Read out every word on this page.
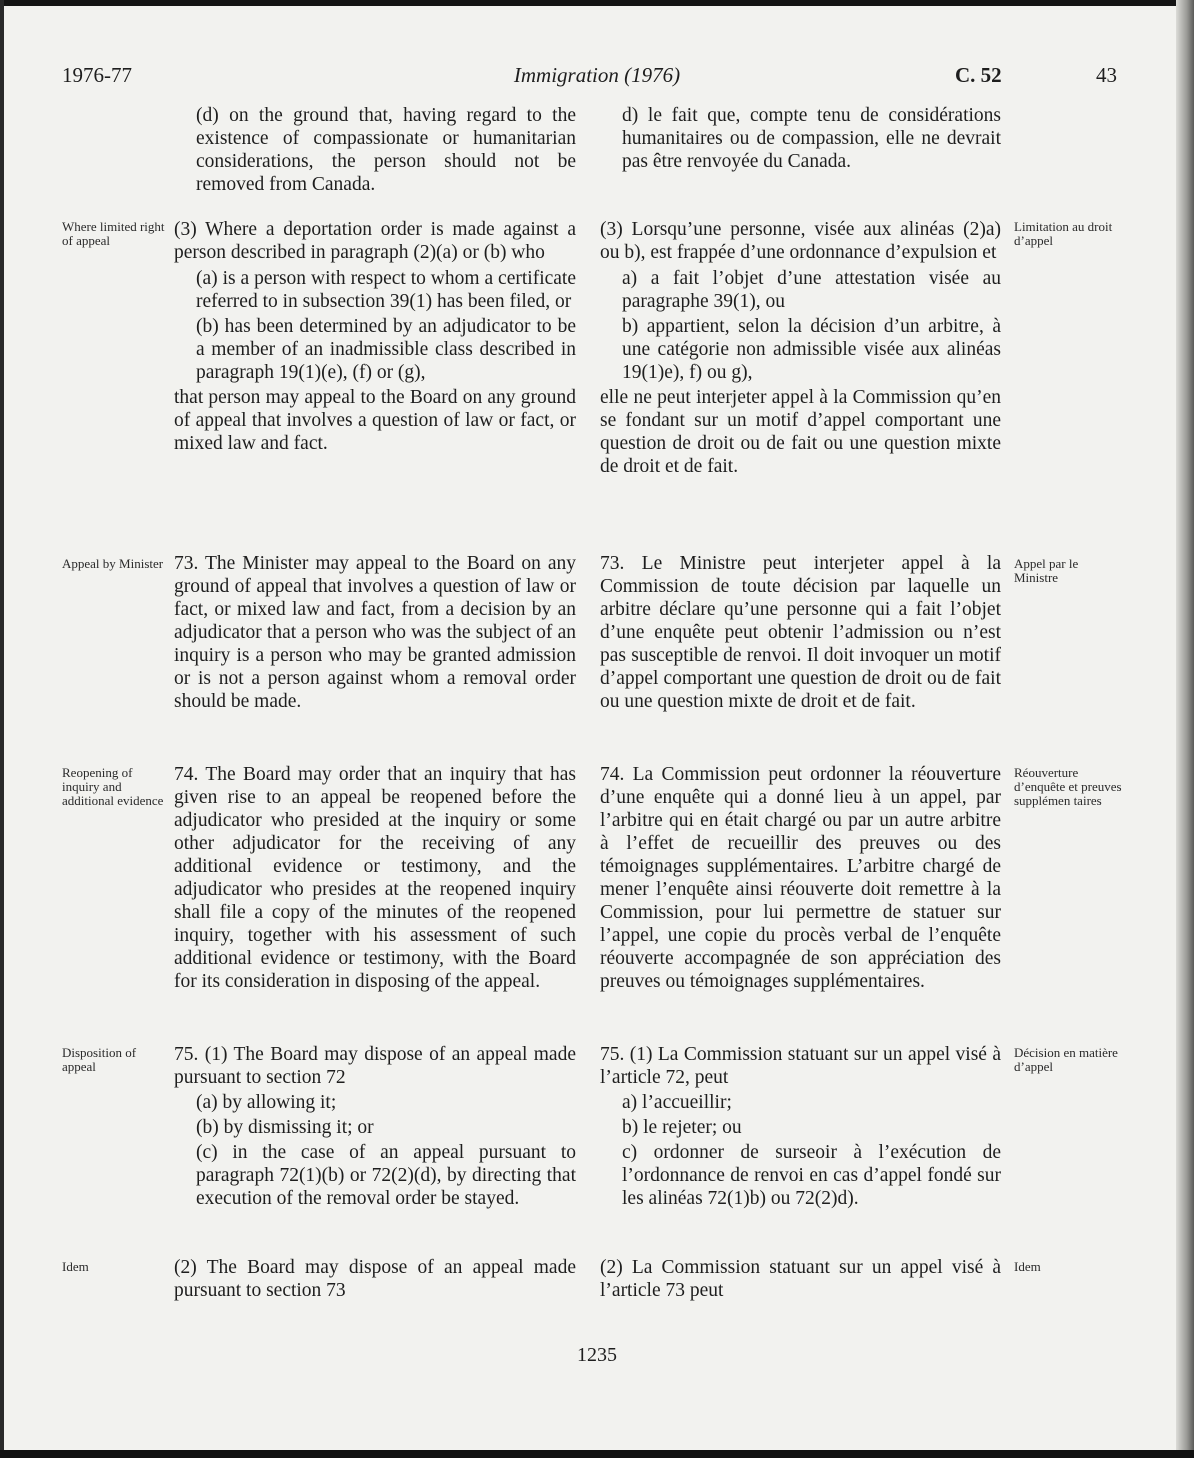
1976-77	Immigration (1976)	C. 52	43

(d) on the ground that, having regard to the existence of compassionate or humanitarian considerations, the person should not be removed from Canada.

d) le fait que, compte tenu de considérations humanitaires ou de compassion, elle ne devrait pas être renvoyée du Canada.

Where limited right of appeal
Limitation au droit d’appel

(3) Where a deportation order is made against a person described in paragraph (2)(a) or (b) who

(a) is a person with respect to whom a certificate referred to in subsection 39(1) has been filed, or

(b) has been determined by an adjudicator to be a member of an inadmissible class described in paragraph 19(1)(e), (f) or (g),

that person may appeal to the Board on any ground of appeal that involves a question of law or fact, or mixed law and fact.

(3) Lorsqu’une personne, visée aux alinéas (2)a) ou b), est frappée d’une ordonnance d’expulsion et

a) a fait l’objet d’une attestation visée au paragraphe 39(1), ou

b) appartient, selon la décision d’un arbitre, à une catégorie non admissible visée aux alinéas 19(1)e), f) ou g),

elle ne peut interjeter appel à la Commission qu’en se fondant sur un motif d’appel comportant une question de droit ou de fait ou une question mixte de droit et de fait.

Appeal by Minister	Appel par le Ministre

73. The Minister may appeal to the Board on any ground of appeal that involves a question of law or fact, or mixed law and fact, from a decision by an adjudicator that a person who was the subject of an inquiry is a person who may be granted admission or is not a person against whom a removal order should be made.

73. Le Ministre peut interjeter appel à la Commission de toute décision par laquelle un arbitre déclare qu’une personne qui a fait l’objet d’une enquête peut obtenir l’admission ou n’est pas susceptible de renvoi. Il doit invoquer un motif d’appel comportant une question de droit ou de fait ou une question mixte de droit et de fait.

Reopening of inquiry and additional evidence
Réouverture d’enquête et preuves supplémen taires

74. The Board may order that an inquiry that has given rise to an appeal be reopened before the adjudicator who presided at the inquiry or some other adjudicator for the receiving of any additional evidence or testimony, and the adjudicator who presides at the reopened inquiry shall file a copy of the minutes of the reopened inquiry, together with his assessment of such additional evidence or testimony, with the Board for its consideration in disposing of the appeal.

74. La Commission peut ordonner la réouverture d’une enquête qui a donné lieu à un appel, par l’arbitre qui en était chargé ou par un autre arbitre à l’effet de recueillir des preuves ou des témoignages supplémentaires. L’arbitre chargé de mener l’enquête ainsi réouverte doit remettre à la Commission, pour lui permettre de statuer sur l’appel, une copie du procès verbal de l’enquête réouverte accompagnée de son appréciation des preuves ou témoignages supplémentaires.

Disposition of appeal
Décision en matière d’appel

75. (1) The Board may dispose of an appeal made pursuant to section 72

(a) by allowing it;

(b) by dismissing it; or

(c) in the case of an appeal pursuant to paragraph 72(1)(b) or 72(2)(d), by directing that execution of the removal order be stayed.

75. (1) La Commission statuant sur un appel visé à l’article 72, peut

a) l’accueillir;

b) le rejeter; ou

c) ordonner de surseoir à l’exécution de l’ordonnance de renvoi en cas d’appel fondé sur les alinéas 72(1)b) ou 72(2)d).

Idem	Idem

(2) The Board may dispose of an appeal made pursuant to section 73

(2) La Commission statuant sur un appel visé à l’article 73 peut

1235
